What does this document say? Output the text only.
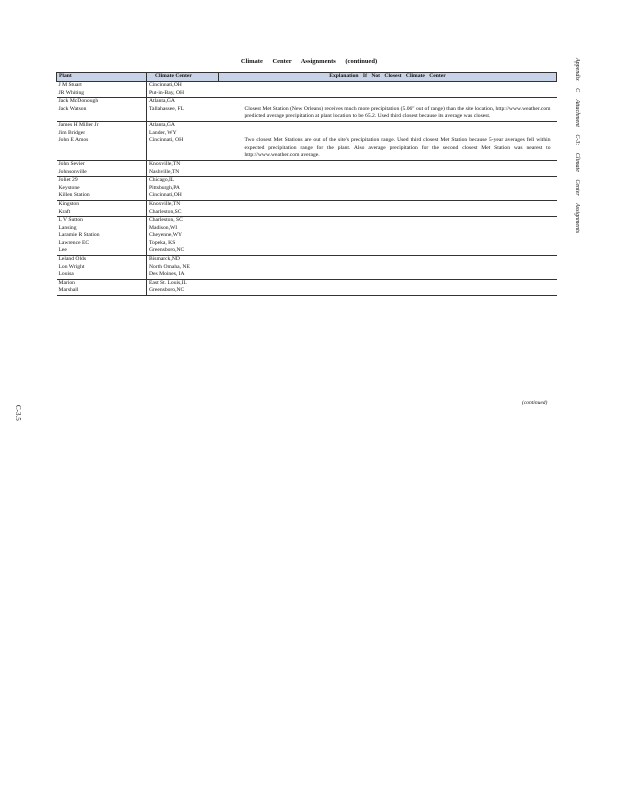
Climate Center Assignments (continued)	Appendix C Attachment C-3: Climate Center Assignments
Plant	Climate Center	Explanation If Not Closest Climate Center
J M Stuart	Cincinnati,OH	
JR Whiting	Put-in-Bay, OH	
Jack McDonough	Atlanta,GA	
Jack Watson	Tallahassee, FL	Closest Met Station (New Orleans) receives much more precipitation (5.06" out of range) than the site location, http://www.weather.com predicted average precipitation at plant location to be 65.2. Used third closest because its average was closest.
James H Miller Jr	Atlanta,GA	
Jim Bridger	Lander, WY	
John E Amos	Cincinnati, OH	Two closest Met Stations are out of the site's precipitation range. Used third closest Met Station because 5-year averages fell within expected precipitation range for the plant. Also average precipitation for the second closest Met Station was nearest to http://www.weather.com average.
John Sevier	Knoxville,TN	
Johnsonville	Nashville,TN	
Joliet 29	Chicago,IL	
Keystone	Pittsburgh,PA	
Killen Station	Cincinnati,OH	
Kingston	Knoxville,TN	
Kraft	Charleston,SC	
L V Sutton	Charleston, SC	
Lansing	Madison,WI	
Laramie R Station	Cheyenne,WY	
Lawrence EC	Topeka, KS	
Lee	Greensboro,NC	
Leland Olds	Bismarck,ND	
Lon Wright	North Omaha, NE	
Louisa	Des Moines, IA	
Marion	East St. Louis,IL	
Marshall	Greensboro,NC	
(continued)
C-3.5
